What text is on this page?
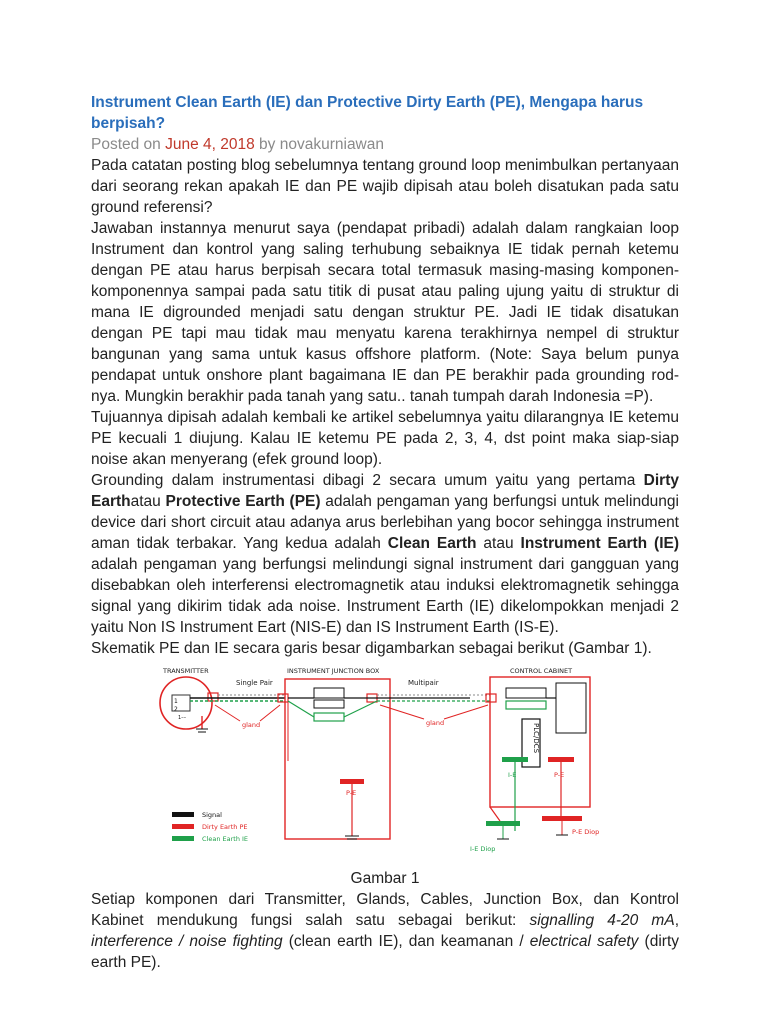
Instrument Clean Earth (IE) dan Protective Dirty Earth (PE), Mengapa harus berpisah?

Posted on June 4, 2018 by novakurniawan

Pada catatan posting blog sebelumnya tentang ground loop menimbulkan pertanyaan dari seorang rekan apakah IE dan PE wajib dipisah atau boleh disatukan pada satu ground referensi?

Jawaban instannya menurut saya (pendapat pribadi) adalah dalam rangkaian loop Instrument dan kontrol yang saling terhubung sebaiknya IE tidak pernah ketemu dengan PE atau harus berpisah secara total termasuk masing-masing komponen-komponennya sampai pada satu titik di pusat atau paling ujung yaitu di struktur di mana IE digrounded menjadi satu dengan struktur PE. Jadi IE tidak disatukan dengan PE tapi mau tidak mau menyatu karena terakhirnya nempel di struktur bangunan yang sama untuk kasus offshore platform. (Note: Saya belum punya pendapat untuk onshore plant bagaimana IE dan PE berakhir pada grounding rod-nya. Mungkin berakhir pada tanah yang satu.. tanah tumpah darah Indonesia =P).

Tujuannya dipisah adalah kembali ke artikel sebelumnya yaitu dilarangnya IE ketemu PE kecuali 1 diujung. Kalau IE ketemu PE pada 2, 3, 4, dst point maka siap-siap noise akan menyerang (efek ground loop).

Grounding dalam instrumentasi dibagi 2 secara umum yaitu yang pertama Dirty Earthatau Protective Earth (PE) adalah pengaman yang berfungsi untuk melindungi device dari short circuit atau adanya arus berlebihan yang bocor sehingga instrument aman tidak terbakar. Yang kedua adalah Clean Earth atau Instrument Earth (IE) adalah pengaman yang berfungsi melindungi signal instrument dari gangguan yang disebabkan oleh interferensi electromagnetik atau induksi elektromagnetik sehingga signal yang dikirim tidak ada noise. Instrument Earth (IE) dikelompokkan menjadi 2 yaitu Non IS Instrument Eart (NIS-E) dan IS Instrument Earth (IS-E).

Skematik PE dan IE secara garis besar digambarkan sebagai berikut (Gambar 1).

TRANSMITTER
1
2
1––
Single Pair
gland
INSTRUMENT JUNCTION BOX
P-E
Multipair
gland
CONTROL CABINET
PLC/DCS
I-E	P-E
I-E Diop
P-E Diop
Signal
Dirty Earth PE
Clean Earth IE

Gambar 1

Setiap komponen dari Transmitter, Glands, Cables, Junction Box, dan Kontrol Kabinet mendukung fungsi salah satu sebagai berikut: signalling 4-20 mA, interference / noise fighting (clean earth IE), dan keamanan / electrical safety (dirty earth PE).
